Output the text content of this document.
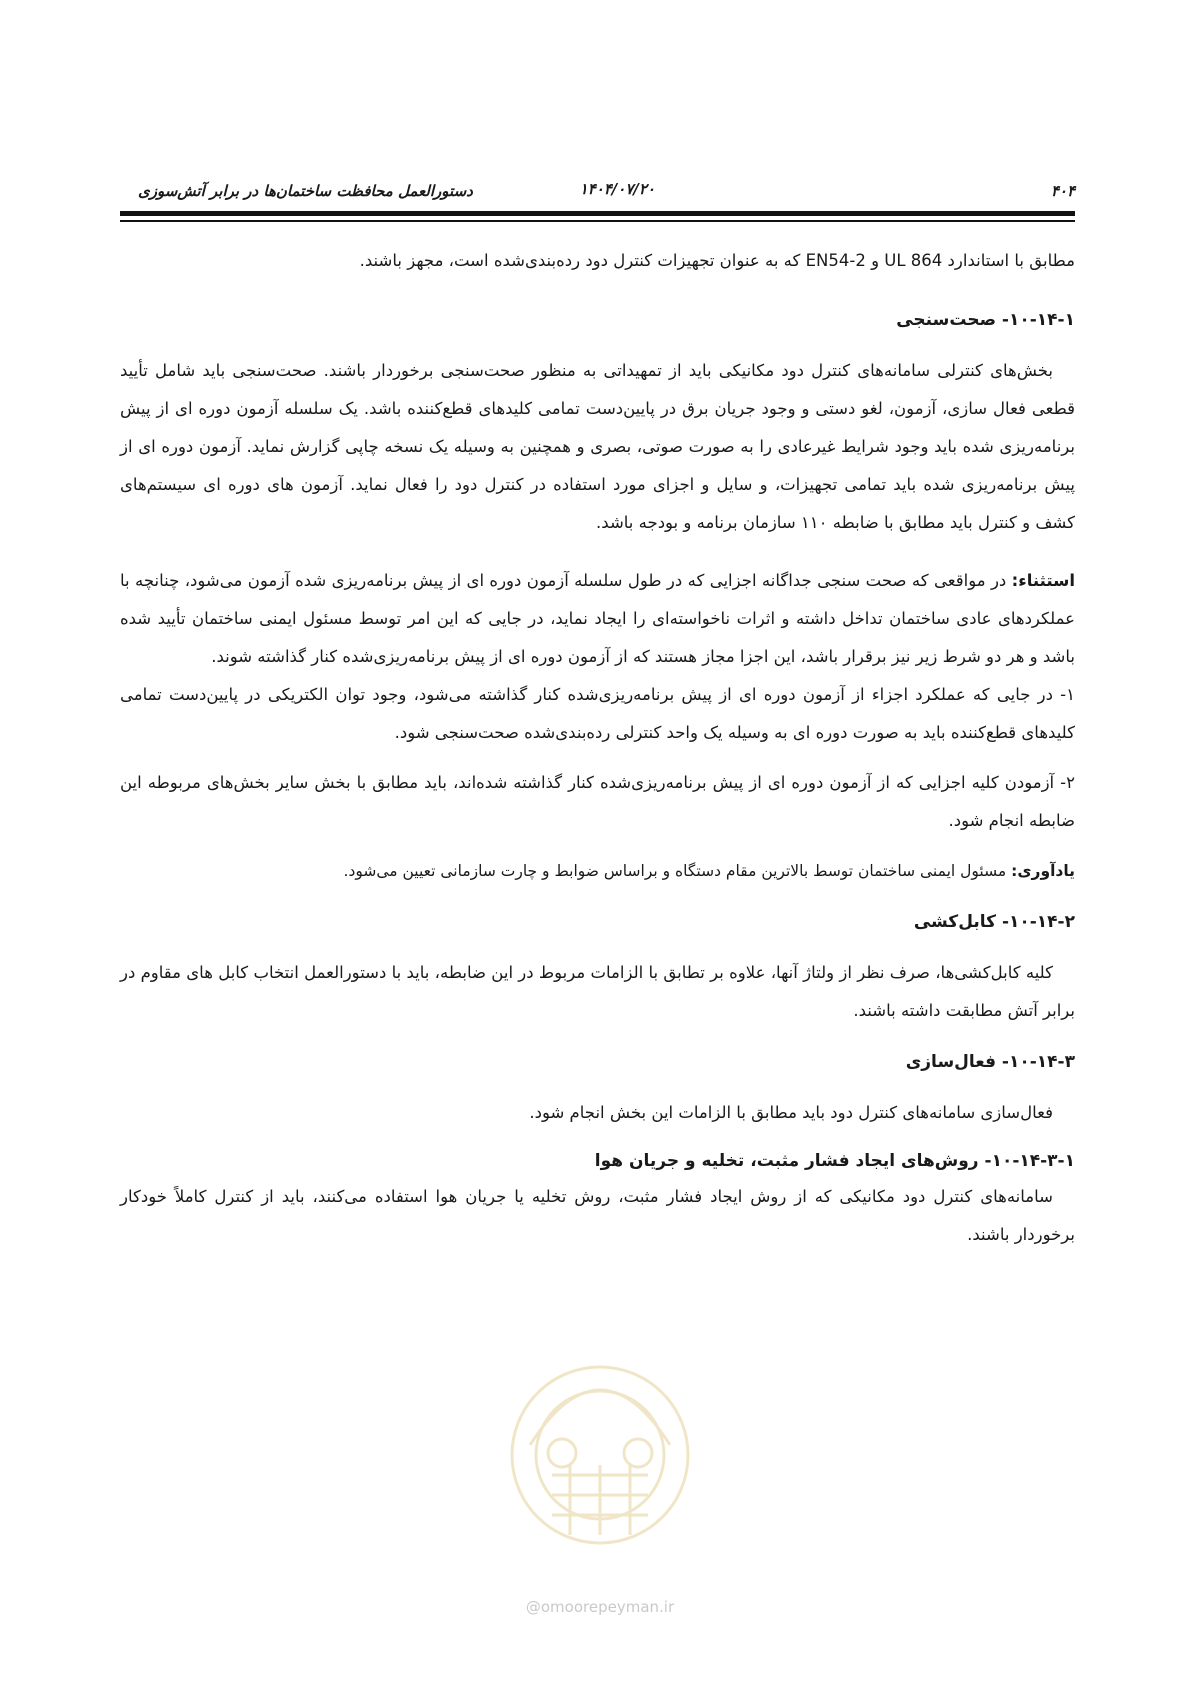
۴۰۴
۱۴۰۴/۰۷/۲۰
دستورالعمل محافظت ساختمان‌ها در برابر آتش‌سوزی

مطابق با استاندارد UL 864 و EN54-2 که به عنوان تجهیزات کنترل دود رده‌بندی‌شده است، مجهز باشند.

۱۰-۱۴-۱- صحت‌سنجی

بخش‌های کنترلی سامانه‌های کنترل دود مکانیکی باید از تمهیداتی به منظور صحت‌سنجی برخوردار باشند. صحت‌سنجی باید شامل تأیید قطعی فعال سازی، آزمون، لغو دستی و وجود جریان برق در پایین‌دست تمامی کلیدهای قطع‌کننده باشد. یک سلسله آزمون دوره ای از پیش برنامه‌ریزی شده باید وجود شرایط غیرعادی را به صورت صوتی، بصری و همچنین به وسیله یک نسخه چاپی گزارش نماید. آزمون دوره ای از پیش برنامه‌ریزی شده باید تمامی تجهیزات، و سایل و اجزای مورد استفاده در کنترل دود را فعال نماید. آزمون های دوره ای سیستم‌های کشف و کنترل باید مطابق با ضابطه ۱۱۰ سازمان برنامه و بودجه باشد.

استثناء: در مواقعی که صحت سنجی جداگانه اجزایی که در طول سلسله آزمون دوره ای از پیش برنامه‌ریزی شده آزمون می‌شود، چنانچه با عملکردهای عادی ساختمان تداخل داشته و اثرات ناخواسته‌ای را ایجاد نماید، در جایی که این امر توسط مسئول ایمنی ساختمان تأیید شده باشد و هر دو شرط زیر نیز برقرار باشد، این اجزا مجاز هستند که از آزمون دوره ای از پیش برنامه‌ریزی‌شده کنار گذاشته شوند.

۱- در جایی که عملکرد اجزاء از آزمون دوره ای از پیش برنامه‌ریزی‌شده کنار گذاشته می‌شود، وجود توان الکتریکی در پایین‌دست تمامی کلیدهای قطع‌کننده باید به صورت دوره ای به وسیله یک واحد کنترلی رده‌بندی‌شده صحت‌سنجی شود.

۲- آزمودن کلیه اجزایی که از آزمون دوره ای از پیش برنامه‌ریزی‌شده کنار گذاشته شده‌اند، باید مطابق با بخش سایر بخش‌های مربوطه این ضابطه انجام شود.

یادآوری: مسئول ایمنی ساختمان توسط بالاترین مقام دستگاه و براساس ضوابط و چارت سازمانی تعیین می‌شود.

۱۰-۱۴-۲- کابل‌کشی

کلیه کابل‌کشی‌ها، صرف نظر از ولتاژ آنها، علاوه بر تطابق با الزامات مربوط در این ضابطه، باید با دستورالعمل انتخاب کابل های مقاوم در برابر آتش مطابقت داشته باشند.

۱۰-۱۴-۳- فعال‌سازی

فعال‌سازی سامانه‌های کنترل دود باید مطابق با الزامات این بخش انجام شود.

۱۰-۱۴-۳-۱- روش‌های ایجاد فشار مثبت، تخلیه و جریان هوا

سامانه‌های کنترل دود مکانیکی که از روش ایجاد فشار مثبت، روش تخلیه یا جریان هوا استفاده می‌کنند، باید از کنترل کاملاً خودکار برخوردار باشند.

@omoorepeyman.ir
